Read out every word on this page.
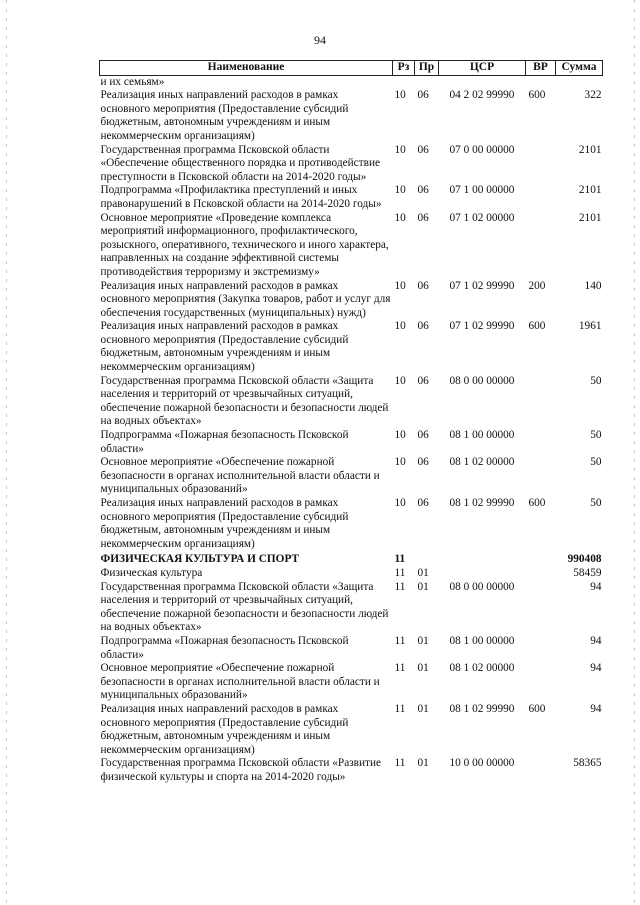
94
Наименование	Рз	Пр	ЦСР	ВР	Сумма
и их семьям»					
Реализация иных направлений расходов в рамках основного мероприятия (Предоставление субсидий бюджетным, автономным учреждениям и иным некоммерческим организациям)	10	06	04 2 02 99990	600	322
Государственная программа Псковской области «Обеспечение общественного порядка и противодействие преступности в Псковской области на 2014-2020 годы»	10	06	07 0 00 00000		2101
Подпрограмма «Профилактика преступлений и иных правонарушений в Псковской области на 2014-2020 годы»	10	06	07 1 00 00000		2101
Основное мероприятие «Проведение комплекса мероприятий информационного, профилактического, розыскного, оперативного, технического и иного характера, направленных на создание эффективной системы противодействия терроризму и экстремизму»	10	06	07 1 02 00000		2101
Реализация иных направлений расходов в рамках основного мероприятия (Закупка товаров, работ и услуг для обеспечения государственных (муниципальных) нужд)	10	06	07 1 02 99990	200	140
Реализация иных направлений расходов в рамках основного мероприятия (Предоставление субсидий бюджетным, автономным учреждениям и иным некоммерческим организациям)	10	06	07 1 02 99990	600	1961
Государственная программа Псковской области «Защита населения и территорий от чрезвычайных ситуаций, обеспечение пожарной безопасности и безопасности людей на водных объектах»	10	06	08 0 00 00000		50
Подпрограмма «Пожарная безопасность Псковской области»	10	06	08 1 00 00000		50
Основное мероприятие «Обеспечение пожарной безопасности в органах исполнительной власти области и муниципальных образований»	10	06	08 1 02 00000		50
Реализация иных направлений расходов в рамках основного мероприятия (Предоставление субсидий бюджетным, автономным учреждениям и иным некоммерческим организациям)	10	06	08 1 02 99990	600	50
ФИЗИЧЕСКАЯ КУЛЬТУРА И СПОРТ	11				990408
Физическая культура	11	01			58459
Государственная программа Псковской области «Защита населения и территорий от чрезвычайных ситуаций, обеспечение пожарной безопасности и безопасности людей на водных объектах»	11	01	08 0 00 00000		94
Подпрограмма «Пожарная безопасность Псковской области»	11	01	08 1 00 00000		94
Основное мероприятие «Обеспечение пожарной безопасности в органах исполнительной власти области и муниципальных образований»	11	01	08 1 02 00000		94
Реализация иных направлений расходов в рамках основного мероприятия (Предоставление субсидий бюджетным, автономным учреждениям и иным некоммерческим организациям)	11	01	08 1 02 99990	600	94
Государственная программа Псковской области «Развитие физической культуры и спорта на 2014-2020 годы»	11	01	10 0 00 00000		58365
